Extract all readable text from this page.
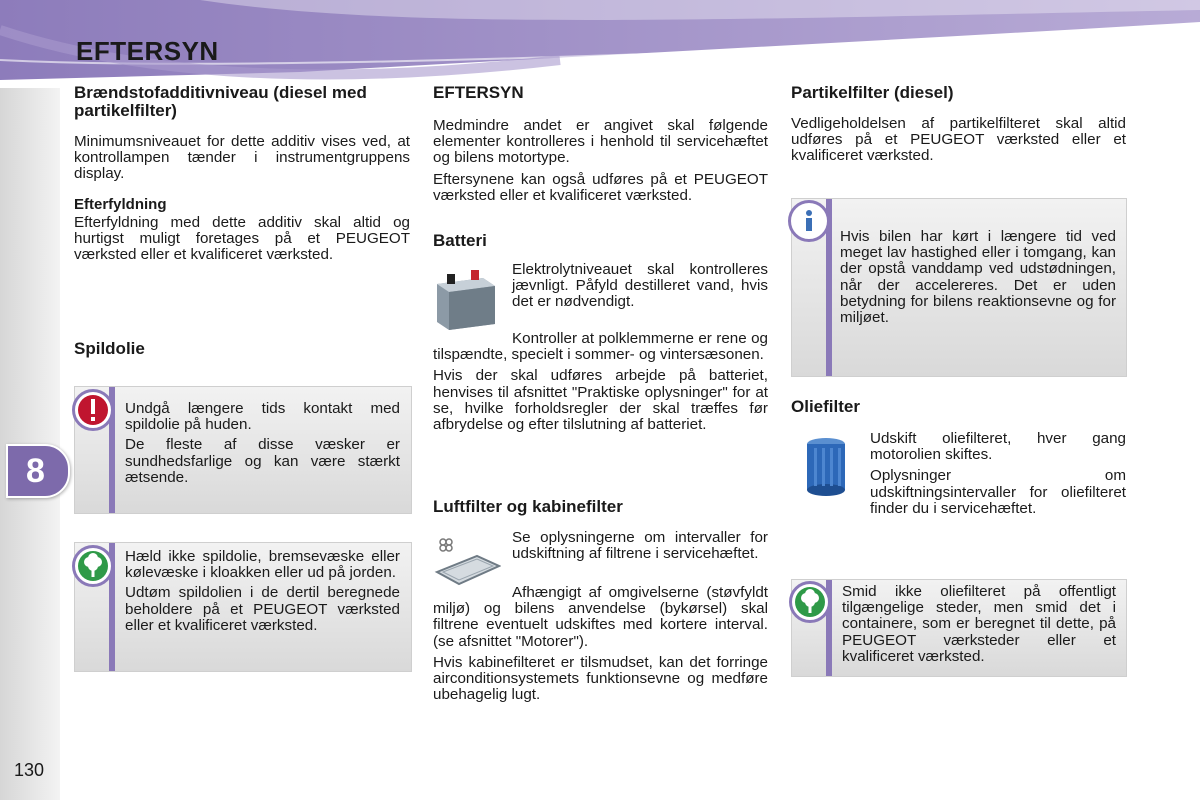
EFTERSYN
8
130
Brændstofadditivniveau (diesel med partikelfilter)

Minimumsniveauet for dette additiv vises ved, at kontrollampen tænder i instrumentgruppens display.

Efterfyldning

Efterfyldning med dette additiv skal altid og hurtigst muligt foretages på et PEUGEOT værksted eller et kvalificeret værksted.

Spildolie

Undgå længere tids kontakt med spildolie på huden.

De fleste af disse væsker er sundhedsfarlige og kan være stærkt ætsende.

Hæld ikke spildolie, bremsevæske eller kølevæske i kloakken eller ud på jorden.

Udtøm spildolien i de dertil beregnede beholdere på et PEUGEOT værksted eller et kvalificeret værksted.

EFTERSYN

Medmindre andet er angivet skal følgende elementer kontrolleres i henhold til servicehæftet og bilens motortype.

Eftersynene kan også udføres på et PEUGEOT værksted eller et kvalificeret værksted.

Batteri

Elektrolytniveauet skal kontrolleres jævnligt. Påfyld destilleret vand, hvis det er nødvendigt.

Kontroller at polklemmerne er rene og tilspændte, specielt i sommer- og vintersæsonen.

Hvis der skal udføres arbejde på batteriet, henvises til afsnittet "Praktiske oplysninger" for at se, hvilke forholdsregler der skal træffes før afbrydelse og efter tilslutning af batteriet.

Luftfilter og kabinefilter

Se oplysningerne om intervaller for udskiftning af filtrene i servicehæftet.

Afhængigt af omgivelserne (støvfyldt miljø) og bilens anvendelse (bykørsel) skal filtrene eventuelt udskiftes med kortere interval. (se afsnittet "Motorer").

Hvis kabinefilteret er tilsmudset, kan det forringe airconditionsystemets funktionsevne og medføre ubehagelig lugt.

Partikelfilter (diesel)

Vedligeholdelsen af partikelfilteret skal altid udføres på et PEUGEOT værksted eller et kvalificeret værksted.

Hvis bilen har kørt i længere tid ved meget lav hastighed eller i tomgang, kan der opstå vanddamp ved udstødningen, når der accelereres. Det er uden betydning for bilens reaktionsevne og for miljøet.

Oliefilter

Udskift oliefilteret, hver gang motorolien skiftes.

Oplysninger om udskiftningsintervaller for oliefilteret finder du i servicehæftet.

Smid ikke oliefilteret på offentligt tilgængelige steder, men smid det i containere, som er beregnet til dette, på PEUGEOT værksteder eller et kvalificeret værksted.
